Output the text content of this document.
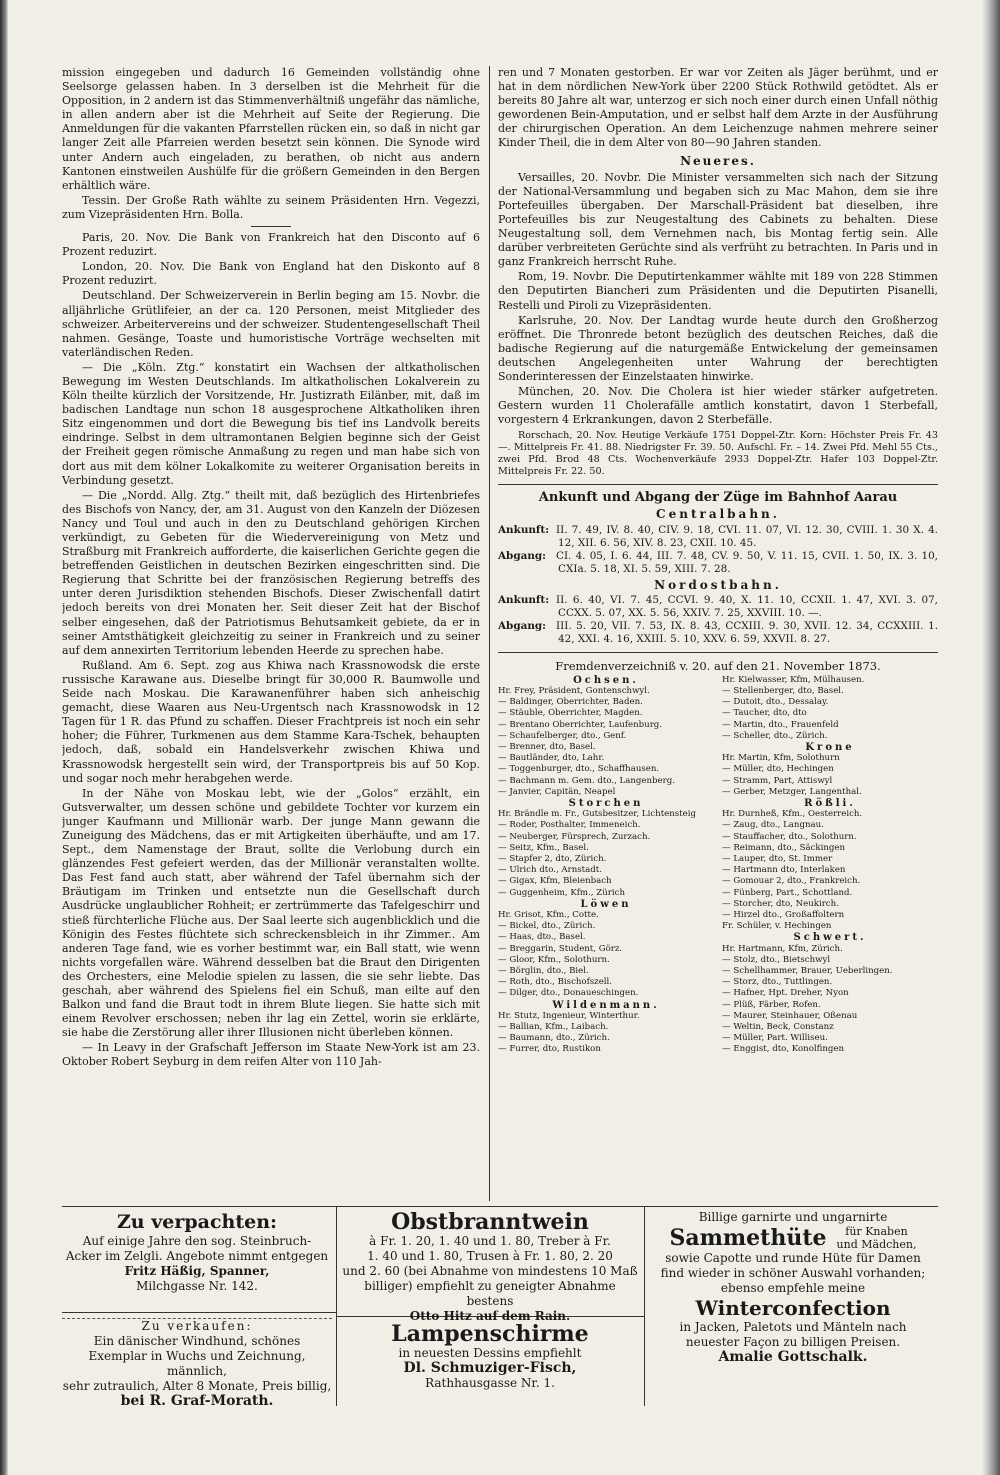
mission eingegeben und dadurch 16 Gemeinden vollständig ohne Seelsorge gelassen haben. In 3 derselben ist die Mehrheit für die Opposition, in 2 andern ist das Stimmenverhältniß ungefähr das nämliche, in allen andern aber ist die Mehrheit auf Seite der Regierung. Die Anmeldungen für die vakanten Pfarrstellen rücken ein, so daß in nicht gar langer Zeit alle Pfarreien werden besetzt sein können. Die Synode wird unter Andern auch eingeladen, zu berathen, ob nicht aus andern Kantonen einstweilen Aushülfe für die größern Gemeinden in den Bergen erhältlich wäre.

Tessin. Der Große Rath wählte zu seinem Präsidenten Hrn. Vegezzi, zum Vizepräsidenten Hrn. Bolla.

Paris, 20. Nov. Die Bank von Frankreich hat den Disconto auf 6 Prozent reduzirt.

London, 20. Nov. Die Bank von England hat den Diskonto auf 8 Prozent reduzirt.

Deutschland. Der Schweizerverein in Berlin beging am 15. Novbr. die alljährliche Grütlifeier, an der ca. 120 Personen, meist Mitglieder des schweizer. Arbeitervereins und der schweizer. Studentengesellschaft Theil nahmen. Gesänge, Toaste und humoristische Vorträge wechselten mit vaterländischen Reden.

— Die „Köln. Ztg.“ konstatirt ein Wachsen der altkatholischen Bewegung im Westen Deutschlands. Im altkatholischen Lokalverein zu Köln theilte kürzlich der Vorsitzende, Hr. Justizrath Eilänber, mit, daß im badischen Landtage nun schon 18 ausgesprochene Altkatholiken ihren Sitz eingenommen und dort die Bewegung bis tief ins Landvolk bereits eindringe. Selbst in dem ultramontanen Belgien beginne sich der Geist der Freiheit gegen römische Anmaßung zu regen und man habe sich von dort aus mit dem kölner Lokalkomite zu weiterer Organisation bereits in Verbindung gesetzt.

— Die „Nordd. Allg. Ztg.“ theilt mit, daß bezüglich des Hirtenbriefes des Bischofs von Nancy, der, am 31. August von den Kanzeln der Diözesen Nancy und Toul und auch in den zu Deutschland gehörigen Kirchen verkündigt, zu Gebeten für die Wiedervereinigung von Metz und Straßburg mit Frankreich aufforderte, die kaiserlichen Gerichte gegen die betreffenden Geistlichen in deutschen Bezirken eingeschritten sind. Die Regierung that Schritte bei der französischen Regierung betreffs des unter deren Jurisdiktion stehenden Bischofs. Dieser Zwischenfall datirt jedoch bereits von drei Monaten her. Seit dieser Zeit hat der Bischof selber eingesehen, daß der Patriotismus Behutsamkeit gebiete, da er in seiner Amtsthätigkeit gleichzeitig zu seiner in Frankreich und zu seiner auf dem annexirten Territorium lebenden Heerde zu sprechen habe.

Rußland. Am 6. Sept. zog aus Khiwa nach Krassnowodsk die erste russische Karawane aus. Dieselbe bringt für 30,000 R. Baumwolle und Seide nach Moskau. Die Karawanenführer haben sich anheischig gemacht, diese Waaren aus Neu-Urgentsch nach Krassnowodsk in 12 Tagen für 1 R. das Pfund zu schaffen. Dieser Frachtpreis ist noch ein sehr hoher; die Führer, Turkmenen aus dem Stamme Kara-Tschek, behaupten jedoch, daß, sobald ein Handelsverkehr zwischen Khiwa und Krassnowodsk hergestellt sein wird, der Transportpreis bis auf 50 Kop. und sogar noch mehr herabgehen werde.

In der Nähe von Moskau lebt, wie der „Golos“ erzählt, ein Gutsverwalter, um dessen schöne und gebildete Tochter vor kurzem ein junger Kaufmann und Millionär warb. Der junge Mann gewann die Zuneigung des Mädchens, das er mit Artigkeiten überhäufte, und am 17. Sept., dem Namenstage der Braut, sollte die Verlobung durch ein glänzendes Fest gefeiert werden, das der Millionär veranstalten wollte. Das Fest fand auch statt, aber während der Tafel übernahm sich der Bräutigam im Trinken und entsetzte nun die Gesellschaft durch Ausdrücke unglaublicher Rohheit; er zertrümmerte das Tafelgeschirr und stieß fürchterliche Flüche aus. Der Saal leerte sich augenblicklich und die Königin des Festes flüchtete sich schreckensbleich in ihr Zimmer.. Am anderen Tage fand, wie es vorher bestimmt war, ein Ball statt, wie wenn nichts vorgefallen wäre. Während desselben bat die Braut den Dirigenten des Orchesters, eine Melodie spielen zu lassen, die sie sehr liebte. Das geschah, aber während des Spielens fiel ein Schuß, man eilte auf den Balkon und fand die Braut todt in ihrem Blute liegen. Sie hatte sich mit einem Revolver erschossen; neben ihr lag ein Zettel, worin sie erklärte, sie habe die Zerstörung aller ihrer Illusionen nicht überleben können.

— In Leavy in der Grafschaft Jefferson im Staate New-York ist am 23. Oktober Robert Seyburg in dem reifen Alter von 110 Jah-

ren und 7 Monaten gestorben. Er war vor Zeiten als Jäger berühmt, und er hat in dem nördlichen New-York über 2200 Stück Rothwild getödtet. Als er bereits 80 Jahre alt war, unterzog er sich noch einer durch einen Unfall nöthig gewordenen Bein-Amputation, und er selbst half dem Arzte in der Ausführung der chirurgischen Operation. An dem Leichenzuge nahmen mehrere seiner Kinder Theil, die in dem Alter von 80—90 Jahren standen.

Neueres.

Versailles, 20. Novbr. Die Minister versammelten sich nach der Sitzung der National-Versammlung und begaben sich zu Mac Mahon, dem sie ihre Portefeuilles übergaben. Der Marschall-Präsident bat dieselben, ihre Portefeuilles bis zur Neugestaltung des Cabinets zu behalten. Diese Neugestaltung soll, dem Vernehmen nach, bis Montag fertig sein. Alle darüber verbreiteten Gerüchte sind als verfrüht zu betrachten. In Paris und in ganz Frankreich herrscht Ruhe.

Rom, 19. Novbr. Die Deputirtenkammer wählte mit 189 von 228 Stimmen den Deputirten Biancheri zum Präsidenten und die Deputirten Pisanelli, Restelli und Piroli zu Vizepräsidenten.

Karlsruhe, 20. Nov. Der Landtag wurde heute durch den Großherzog eröffnet. Die Thronrede betont bezüglich des deutschen Reiches, daß die badische Regierung auf die naturgemäße Entwickelung der gemeinsamen deutschen Angelegenheiten unter Wahrung der berechtigten Sonderinteressen der Einzelstaaten hinwirke.

München, 20. Nov. Die Cholera ist hier wieder stärker aufgetreten. Gestern wurden 11 Cholerafälle amtlich konstatirt, davon 1 Sterbefall, vorgestern 4 Erkrankungen, davon 2 Sterbefälle.

Rorschach, 20. Nov. Heutige Verkäufe 1751 Doppel-Ztr. Korn: Höchster Preis Fr. 43 —. Mittelpreis Fr. 41. 88. Niedrigster Fr. 39. 50. Aufschl. Fr. – 14. Zwei Pfd. Mehl 55 Cts., zwei Pfd. Brod 48 Cts. Wochenverkäufe 2933 Doppel-Ztr. Hafer 103 Doppel-Ztr. Mittelpreis Fr. 22. 50.

Ankunft und Abgang der Züge im Bahnhof Aarau
Centralbahn.
Ankunft: II. 7. 49, IV. 8. 40, CIV. 9. 18, CVI. 11. 07, VI. 12. 30, CVIII. 1. 30 X. 4. 12, XII. 6. 56, XIV. 8. 23, CXII. 10. 45.
Abgang: CI. 4. 05, I. 6. 44, III. 7. 48, CV. 9. 50, V. 11. 15, CVII. 1. 50, IX. 3. 10, CXIa. 5. 18, XI. 5. 59, XIII. 7. 28.
Nordostbahn.
Ankunft: II. 6. 40, VI. 7. 45, CCVI. 9. 40, X. 11. 10, CCXII. 1. 47, XVI. 3. 07, CCXX. 5. 07, XX. 5. 56, XXIV. 7. 25, XXVIII. 10. —.
Abgang: III. 5. 20, VII. 7. 53, IX. 8. 43, CCXIII. 9. 30, XVII. 12. 34, CCXXIII. 1. 42, XXI. 4. 16, XXIII. 5. 10, XXV. 6. 59, XXVII. 8. 27.
Fremdenverzeichniß v. 20. auf den 21. November 1873.
Ochsen.
Hr. Frey, Präsident, Gontenschwyl.
— Baldinger, Oberrichter, Baden.
— Stäuble, Oberrichter, Magden.
— Brentano Oberrichter, Laufenburg.
— Schaufelberger, dto., Genf.
— Brenner, dto, Basel.
— Bautländer, dto, Lahr.
— Toggenburger, dto., Schaffhausen.
— Bachmann m. Gem. dto., Langenberg.
— Janvier, Capitän, Neapel
Storchen
Hr. Brändle m. Fr., Gutsbesitzer, Lichtensteig
— Roder, Posthalter, Immeneich.
— Neuberger, Fürsprech, Zurzach.
— Seitz, Kfm., Basel.
— Stapfer 2, dto, Zürich.
— Ulrich dto., Arnstadt.
— Gigax, Kfm, Bleienbach
— Guggenheim, Kfm., Zürich
Löwen
Hr. Grisot, Kfm., Cotte.
— Bickel, dto., Zürich.
— Haas, dto., Basel.
— Breggarin, Student, Görz.
— Gloor, Kfm., Solothurn.
— Börglin, dto., Biel.
— Roth, dto., Bischofszell.
— Dilger, dto., Donaueschingen.
Wildenmann.
Hr. Stutz, Ingenieur, Winterthur.
— Ballian, Kfm., Laibach.
— Baumann, dto., Zürich.
— Furrer, dto, Rustikon
Hr. Kielwasser, Kfm, Mülhausen.
— Stellenberger, dto, Basel.
— Dutoit, dto., Dessalay.
— Taucher, dto, dto
— Martin, dto., Frauenfeld
— Scheller, dto., Zürich.
Krone
Hr. Martin, Kfm, Solothurn
— Müller, dto, Hechingen
— Stramm, Part, Attiswyl
— Gerber, Metzger, Langenthal.
Rößli.
Hr. Durnheß, Kfm., Oesterreich.
— Zaug, dto., Langnau.
— Stauffacher, dto., Solothurn.
— Reimann, dto., Säckingen
— Lauper, dto, St. Immer
— Hartmann dto, Interlaken
— Gomouar 2, dto., Frankreich.
— Fünberg, Part., Schottland.
— Storcher, dto, Neukirch.
— Hirzel dto., Großaffoltern
Fr. Schüler, v. Hechingen
Schwert.
Hr. Hartmann, Kfm, Zürich.
— Stolz, dto., Bietschwyl
— Schellhammer, Brauer, Ueberlingen.
— Storz, dto., Tuttlingen.
— Hafner, Hpt. Dreher, Nyon
— Plüß, Färber, Rofen.
— Maurer, Steinhauer, Oßenau
— Weltin, Beck, Constanz
— Müller, Part. Williseu.
— Enggist, dto, Konolfingen
Zu verpachten:
Auf einige Jahre den sog. Steinbruch-
Acker im Zelgli. Angebote nimmt entgegen
Fritz Häßig, Spanner,
Milchgasse Nr. 142.
Zu verkaufen:
Ein dänischer Windhund, schönes
Exemplar in Wuchs und Zeichnung, männlich,
sehr zutraulich, Alter 8 Monate, Preis billig,
bei R. Graf-Morath.
Obstbranntwein
à Fr. 1. 20, 1. 40 und 1. 80, Treber à Fr.
1. 40 und 1. 80, Trusen à Fr. 1. 80, 2. 20
und 2. 60 (bei Abnahme von mindestens 10 Maß
billiger) empfiehlt zu geneigter Abnahme bestens
Otto Hitz auf dem Rain.
Lampenschirme
in neuesten Dessins empfiehlt
Dl. Schmuziger-Fisch,
Rathhausgasse Nr. 1.
Billige garnirte und ungarnirte
Sammethüte	für Knaben und Mädchen,
sowie Capotte und runde Hüte für Damen
find wieder in schöner Auswahl vorhanden;
ebenso empfehle meine
Winterconfection
in Jacken, Paletots und Mänteln nach
neuester Façon zu billigen Preisen.
Amalie Gottschalk.
